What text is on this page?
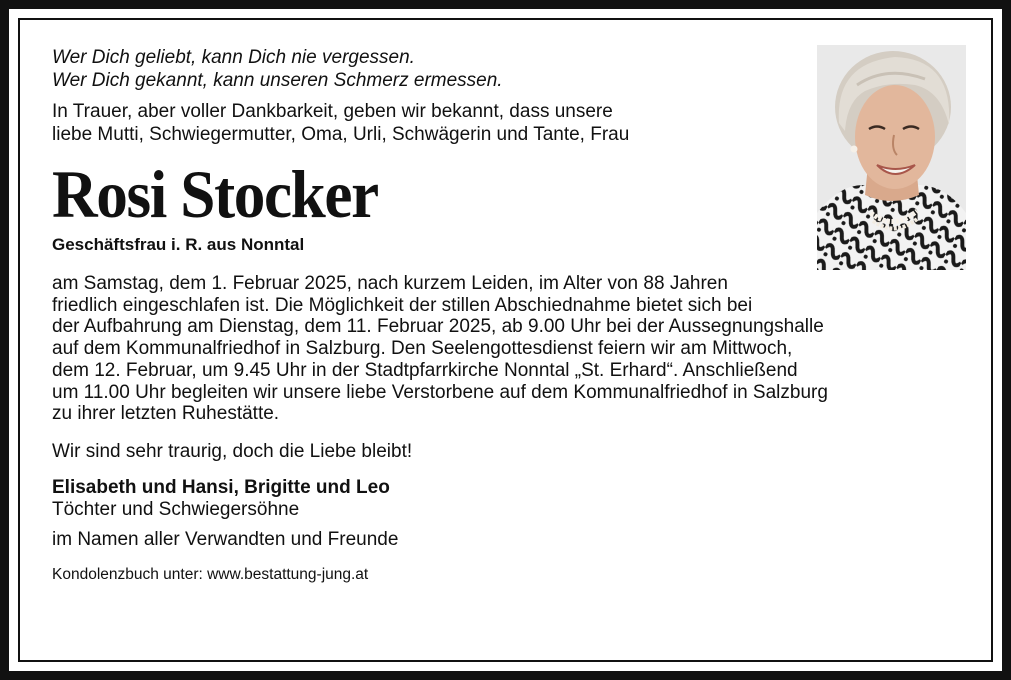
Wer Dich geliebt, kann Dich nie vergessen.
Wer Dich gekannt, kann unseren Schmerz ermessen.
In Trauer, aber voller Dankbarkeit, geben wir bekannt, dass unsere
liebe Mutti, Schwiegermutter, Oma, Urli, Schwägerin und Tante, Frau
Rosi Stocker
Geschäftsfrau i. R. aus Nonntal
am Samstag, dem 1. Februar 2025, nach kurzem Leiden, im Alter von 88 Jahren
friedlich eingeschlafen ist. Die Möglichkeit der stillen Abschiednahme bietet sich bei
der Aufbahrung am Dienstag, dem 11. Februar 2025, ab 9.00 Uhr bei der Aussegnungshalle
auf dem Kommunalfriedhof in Salzburg. Den Seelengottesdienst feiern wir am Mittwoch,
dem 12. Februar, um 9.45 Uhr in der Stadtpfarrkirche Nonntal „St. Erhard“. Anschließend
um 11.00 Uhr begleiten wir unsere liebe Verstorbene auf dem Kommunalfriedhof in Salzburg
zu ihrer letzten Ruhestätte.
Wir sind sehr traurig, doch die Liebe bleibt!
Elisabeth und Hansi, Brigitte und Leo
Töchter und Schwiegersöhne
im Namen aller Verwandten und Freunde
Kondolenzbuch unter: www.bestattung-jung.at
